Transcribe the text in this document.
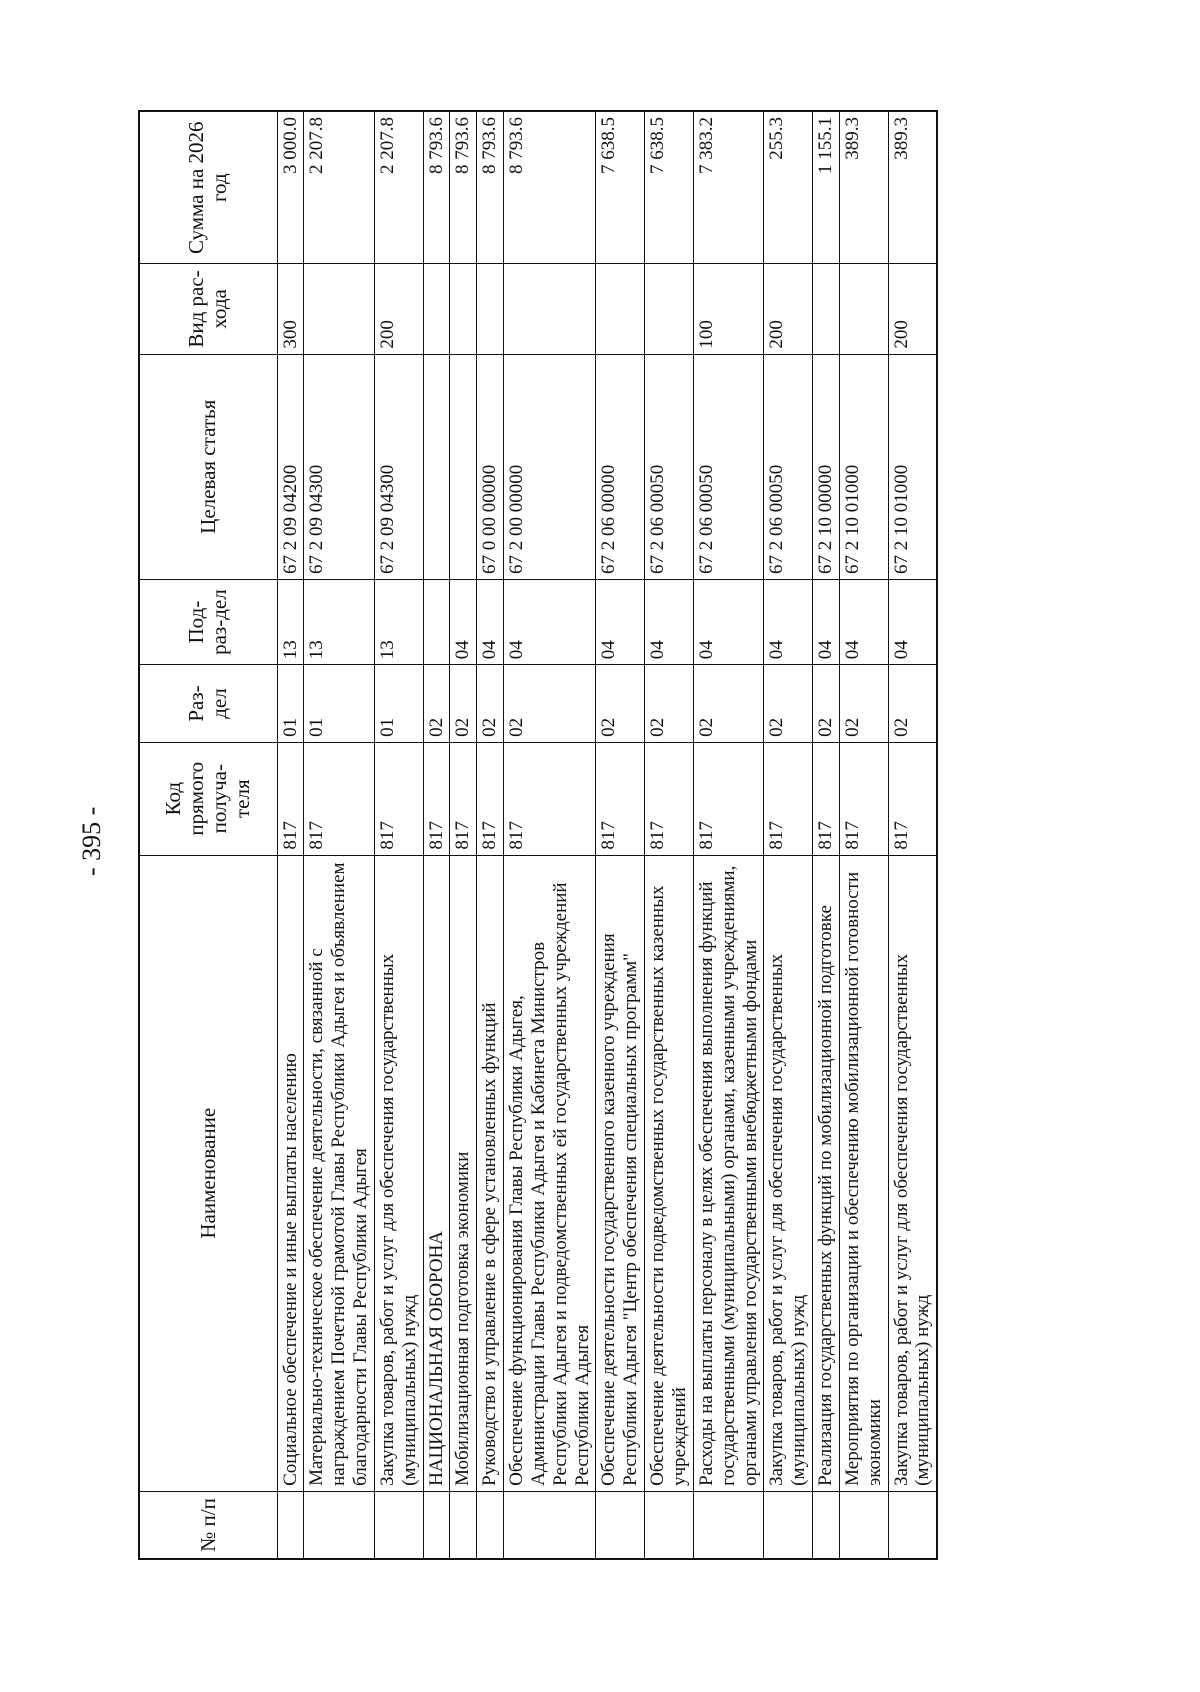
- 395 -
№ п/п	Наименование	Код прямого получа-теля	Раз-дел	Под-раз-дел	Целевая статья	Вид рас-хода	Сумма на 2026 год
	Социальное обеспечение и иные выплаты населению	817	01	13	67 2 09 04200	300	3 000.0
	Материально-техническое обеспечение деятельности, связанной с награждением Почетной грамотой Главы Республики Адыгея и объявлением благодарности Главы Республики Адыгея	817	01	13	67 2 09 04300		2 207.8
	Закупка товаров, работ и услуг для обеспечения государственных (муниципальных) нужд	817	01	13	67 2 09 04300	200	2 207.8
	НАЦИОНАЛЬНАЯ ОБОРОНА	817	02				8 793.6
	Мобилизационная подготовка экономики	817	02	04			8 793.6
	Руководство и управление в сфере установленных функций	817	02	04	67 0 00 00000		8 793.6
	Обеспечение функционирования Главы Республики Адыгея, Администрации Главы Республики Адыгея и Кабинета Министров Республики Адыгея и подведомственных ей государственных учреждений Республики Адыгея	817	02	04	67 2 00 00000		8 793.6
	Обеспечение деятельности государственного казенного учреждения Республики Адыгея "Центр обеспечения специальных программ"	817	02	04	67 2 06 00000		7 638.5
	Обеспечение деятельности подведомственных государственных казенных учреждений	817	02	04	67 2 06 00050		7 638.5
	Расходы на выплаты персоналу в целях обеспечения выполнения функций государственными (муниципальными) органами, казенными учреждениями, органами управления государственными внебюджетными фондами	817	02	04	67 2 06 00050	100	7 383.2
	Закупка товаров, работ и услуг для обеспечения государственных (муниципальных) нужд	817	02	04	67 2 06 00050	200	255.3
	Реализация государственных функций по мобилизационной подготовке	817	02	04	67 2 10 00000		1 155.1
	Мероприятия по организации и обеспечению мобилизационной готовности экономики	817	02	04	67 2 10 01000		389.3
	Закупка товаров, работ и услуг для обеспечения государственных (муниципальных) нужд	817	02	04	67 2 10 01000	200	389.3
